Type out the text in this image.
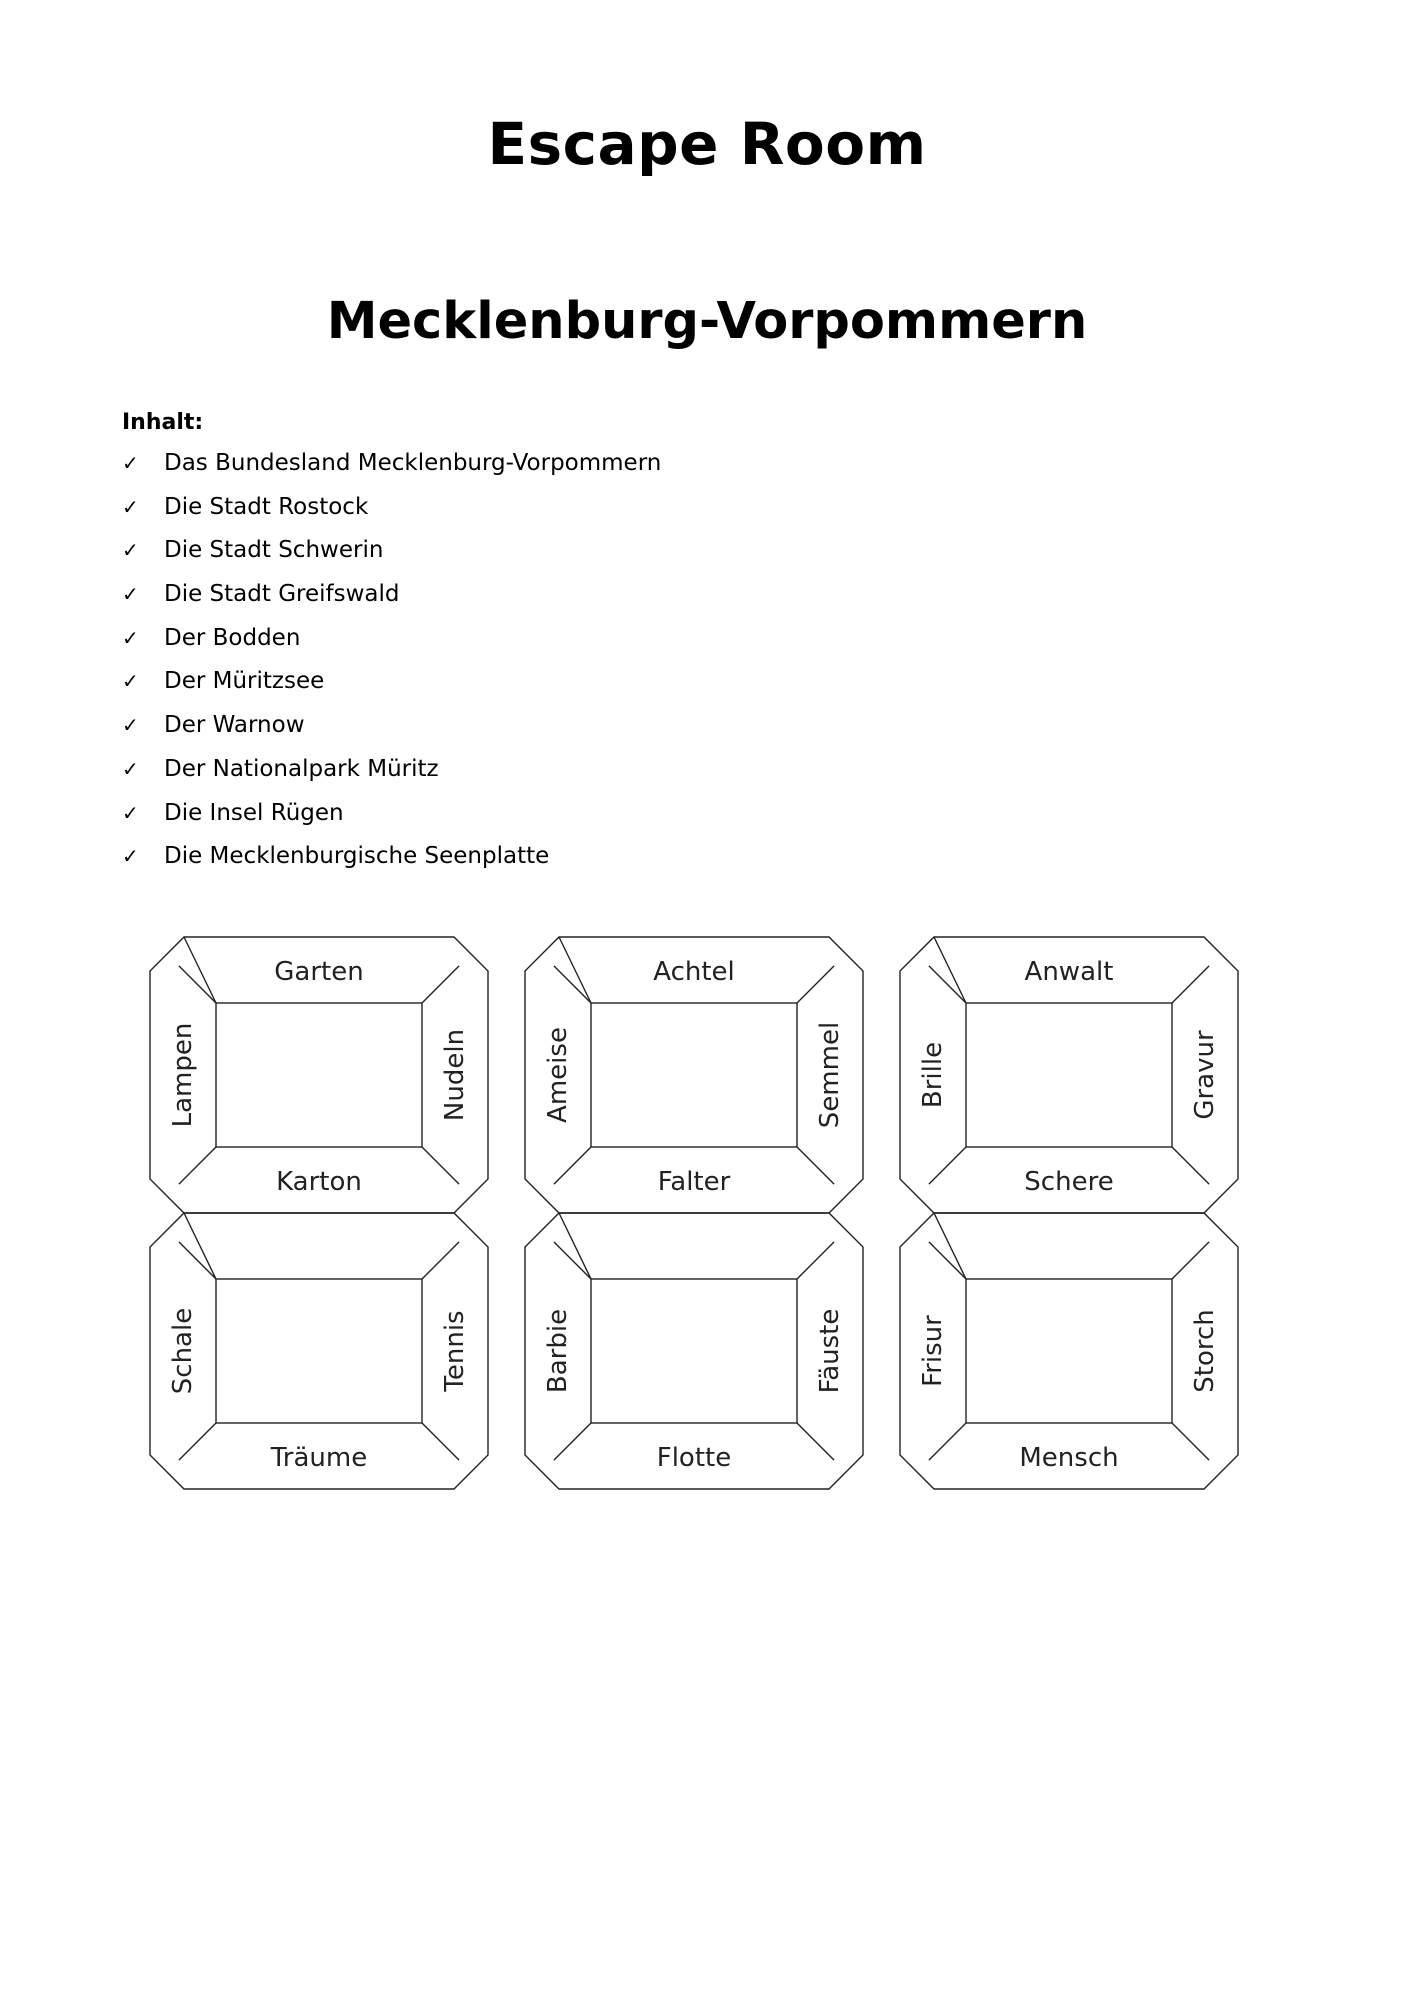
Escape Room
Mecklenburg-Vorpommern
Inhalt:
✓ Das Bundesland Mecklenburg-Vorpommern
✓ Die Stadt Rostock
✓ Die Stadt Schwerin
✓ Die Stadt Greifswald
✓ Der Bodden
✓ Der Müritzsee
✓ Der Warnow
✓ Der Nationalpark Müritz
✓ Die Insel Rügen
✓ Die Mecklenburgische Seenplatte
Garten
Lampen	Nudeln
Karton
Schale	Tennis
Träume
Achtel
Ameise	Semmel
Falter
Barbie	Fäuste
Flotte
Anwalt
Brille	Gravur
Schere
Frisur	Storch
Mensch
